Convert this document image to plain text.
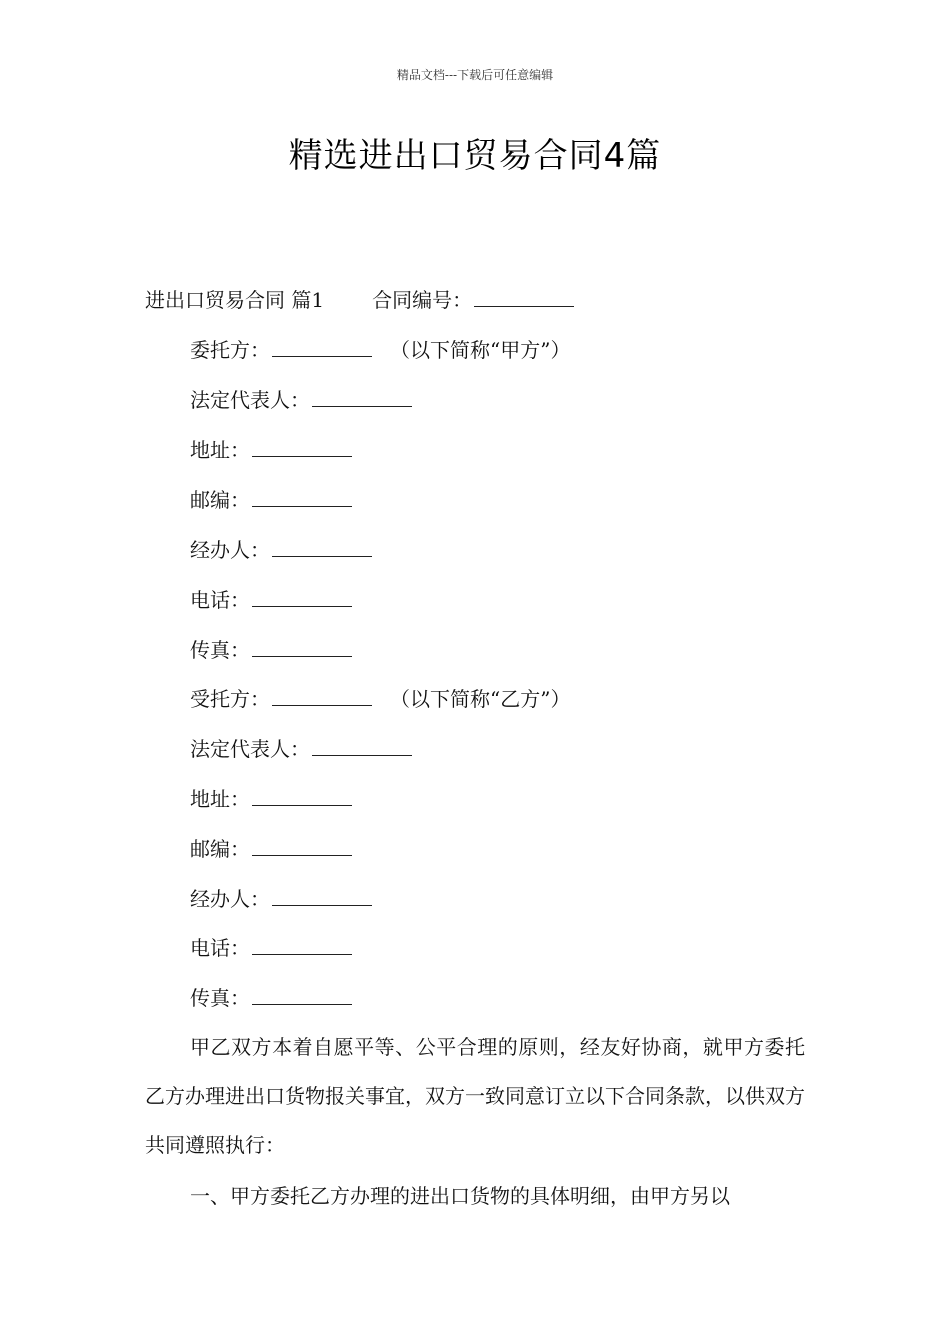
精品文档---下载后可任意编辑
精选进出口贸易合同4篇
进出口贸易合同 篇1 合同编号：
委托方：	（以下简称“甲方”）
法定代表人：
地址：
邮编：
经办人：
电话：
传真：
受托方：	（以下简称“乙方”）
法定代表人：
地址：
邮编：
经办人：
电话：
传真：
甲乙双方本着自愿平等、公平合理的原则，经友好协商，就甲方委托乙方办理进出口货物报关事宜，双方一致同意订立以下合同条款，以供双方共同遵照执行：
一、甲方委托乙方办理的进出口货物的具体明细，由甲方另以
